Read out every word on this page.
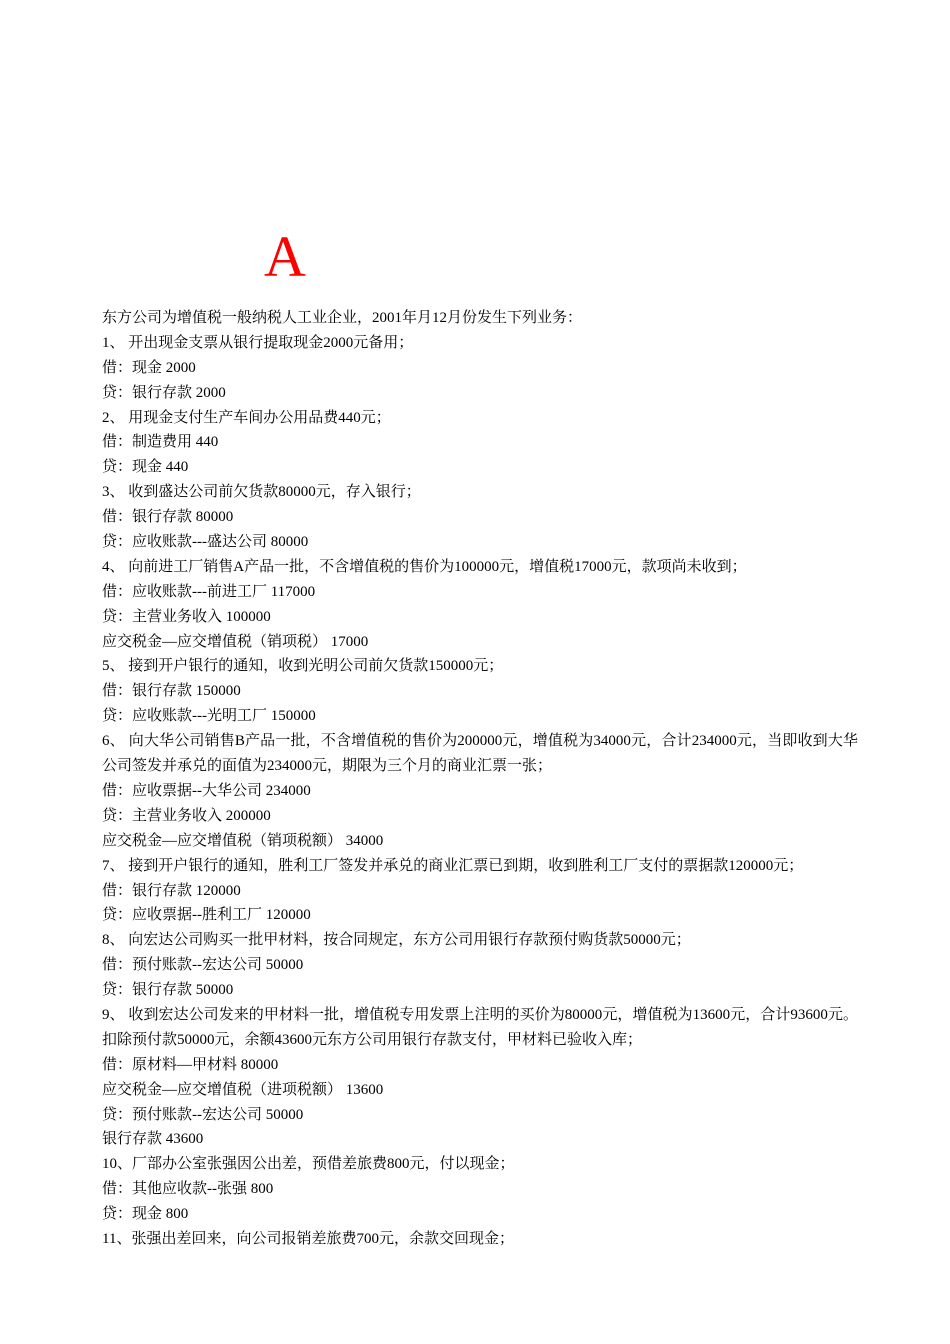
A
东方公司为增值税一般纳税人工业企业，2001年月12月份发生下列业务：
1、 开出现金支票从银行提取现金2000元备用；
借：现金 2000
贷：银行存款 2000
2、 用现金支付生产车间办公用品费440元；
借：制造费用 440
贷：现金 440
3、 收到盛达公司前欠货款80000元，存入银行；
借：银行存款 80000
贷：应收账款---盛达公司 80000
4、 向前进工厂销售A产品一批，不含增值税的售价为100000元，增值税17000元，款项尚未收到；
借：应收账款---前进工厂 117000
贷：主营业务收入 100000
应交税金—应交增值税（销项税） 17000
5、 接到开户银行的通知，收到光明公司前欠货款150000元；
借：银行存款 150000
贷：应收账款---光明工厂 150000
6、 向大华公司销售B产品一批，不含增值税的售价为200000元，增值税为34000元，合计234000元，当即收到大华公司签发并承兑的面值为234000元，期限为三个月的商业汇票一张；
借：应收票据--大华公司 234000
贷：主营业务收入 200000
应交税金—应交增值税（销项税额） 34000
7、 接到开户银行的通知，胜利工厂签发并承兑的商业汇票已到期，收到胜利工厂支付的票据款120000元；
借：银行存款 120000
贷：应收票据--胜利工厂 120000
8、 向宏达公司购买一批甲材料，按合同规定，东方公司用银行存款预付购货款50000元；
借：预付账款--宏达公司 50000
贷：银行存款 50000
9、 收到宏达公司发来的甲材料一批，增值税专用发票上注明的买价为80000元，增值税为13600元，合计93600元。扣除预付款50000元，余额43600元东方公司用银行存款支付，甲材料已验收入库；
借：原材料—甲材料 80000
应交税金—应交增值税（进项税额） 13600
贷：预付账款--宏达公司 50000
银行存款 43600
10、厂部办公室张强因公出差，预借差旅费800元，付以现金；
借：其他应收款--张强 800
贷：现金 800
11、张强出差回来，向公司报销差旅费700元，余款交回现金；
